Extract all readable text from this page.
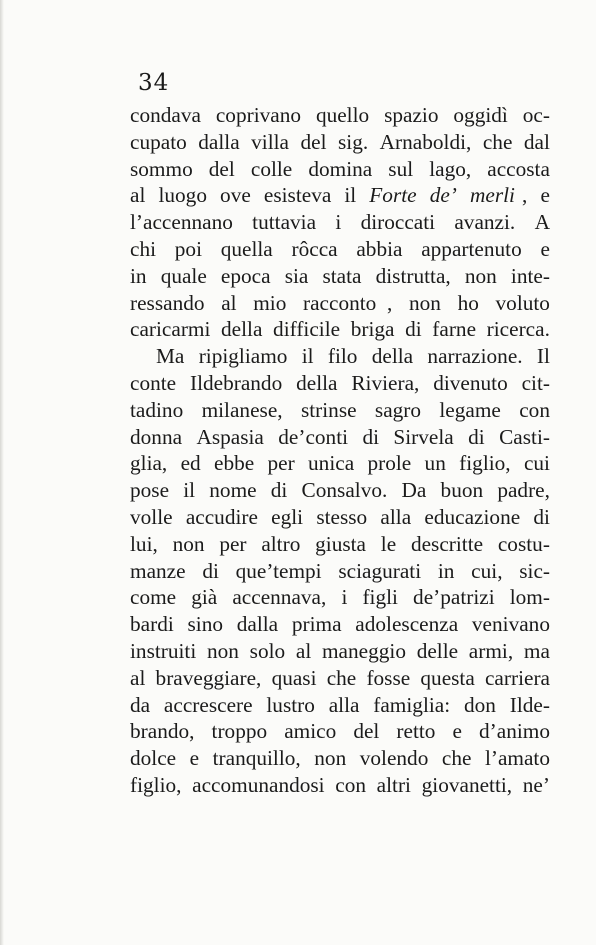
34
condava coprivano quello spazio oggidì oc-
cupato dalla villa del sig. Arnaboldi, che dal
sommo del colle domina sul lago, accosta
al luogo ove esisteva il Forte de’ merli , e
l’accennano tuttavia i diroccati avanzi. A
chi poi quella rôcca abbia appartenuto e
in quale epoca sia stata distrutta, non inte-
ressando al mio racconto , non ho voluto
caricarmi della difficile briga di farne ricerca.
Ma ripigliamo il filo della narrazione. Il
conte Ildebrando della Riviera, divenuto cit-
tadino milanese, strinse sagro legame con
donna Aspasia de’conti di Sirvela di Casti-
glia, ed ebbe per unica prole un figlio, cui
pose il nome di Consalvo. Da buon padre,
volle accudire egli stesso alla educazione di
lui, non per altro giusta le descritte costu-
manze di que’tempi sciagurati in cui, sic-
come già accennava, i figli de’patrizi lom-
bardi sino dalla prima adolescenza venivano
instruiti non solo al maneggio delle armi, ma
al braveggiare, quasi che fosse questa carriera
da accrescere lustro alla famiglia: don Ilde-
brando, troppo amico del retto e d’animo
dolce e tranquillo, non volendo che l’amato
figlio, accomunandosi con altri giovanetti, ne’
